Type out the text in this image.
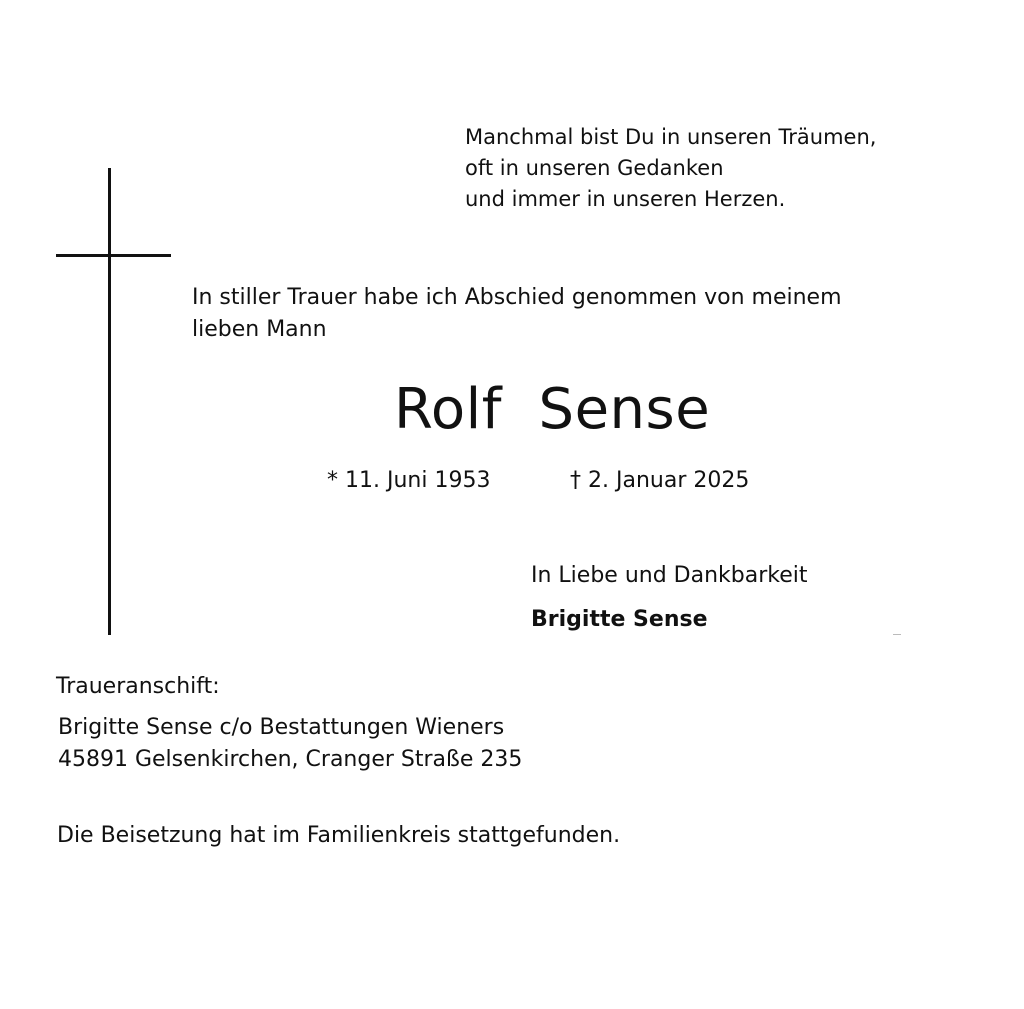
Manchmal bist Du in unseren Träumen,
oft in unseren Gedanken
und immer in unseren Herzen.
In stiller Trauer habe ich Abschied genommen von meinem
lieben Mann
Rolf  Sense
* 11. Juni 1953	† 2. Januar 2025
In Liebe und Dankbarkeit
Brigitte Sense
Traueranschift:
Brigitte Sense c/o Bestattungen Wieners
45891 Gelsenkirchen, Cranger Straße 235
Die Beisetzung hat im Familienkreis stattgefunden.
